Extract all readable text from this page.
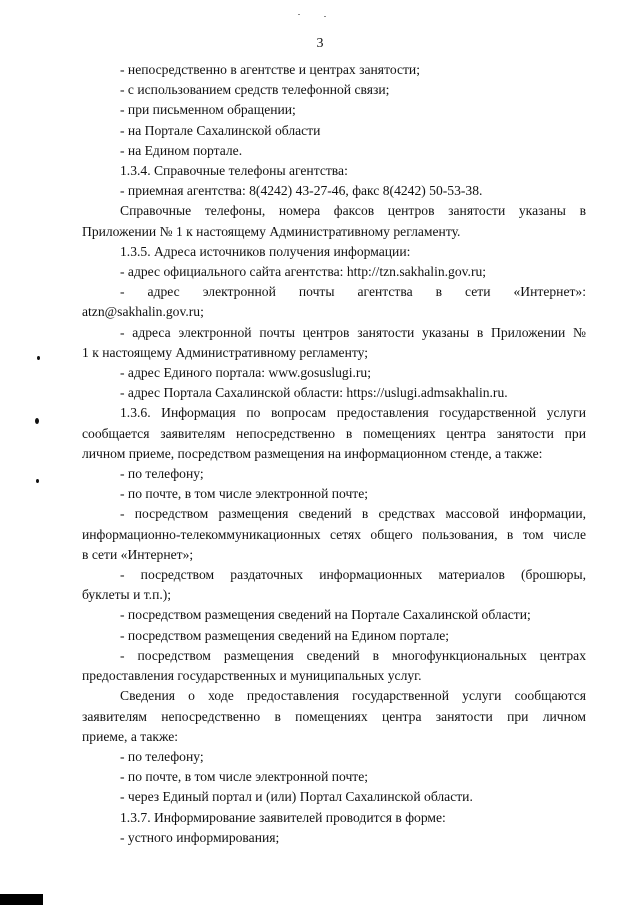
3

- непосредственно в агентстве и центрах занятости;

- с использованием средств телефонной связи;

- при письменном обращении;

- на Портале Сахалинской области

- на Едином портале.

1.3.4. Справочные телефоны агентства:

- приемная агентства: 8(4242) 43-27-46, факс 8(4242) 50-53-38.

Справочные телефоны, номера факсов центров занятости указаны в

Приложении № 1 к настоящему Административному регламенту.

1.3.5. Адреса источников получения информации:

- адрес официального сайта агентства: http://tzn.sakhalin.gov.ru;

- адрес электронной почты агентства в сети «Интернет»:

atzn@sakhalin.gov.ru;

- адреса электронной почты центров занятости указаны в Приложении №

1 к настоящему Административному регламенту;

- адрес Единого портала: www.gosuslugi.ru;

- адрес Портала Сахалинской области: https://uslugi.admsakhalin.ru.

1.3.6. Информация по вопросам предоставления государственной услуги

сообщается заявителям непосредственно в помещениях центра занятости при

личном приеме, посредством размещения на информационном стенде, а также:

- по телефону;

- по почте, в том числе электронной почте;

- посредством размещения сведений в средствах массовой информации,

информационно-телекоммуникационных сетях общего пользования, в том числе

в сети «Интернет»;

- посредством раздаточных информационных материалов (брошюры,

буклеты и т.п.);

- посредством размещения сведений на Портале Сахалинской области;

- посредством размещения сведений на Едином портале;

- посредством размещения сведений в многофункциональных центрах

предоставления государственных и муниципальных услуг.

Сведения о ходе предоставления государственной услуги сообщаются

заявителям непосредственно в помещениях центра занятости при личном

приеме, а также:

- по телефону;

- по почте, в том числе электронной почте;

- через Единый портал и (или) Портал Сахалинской области.

1.3.7. Информирование заявителей проводится в форме:

- устного информирования;
